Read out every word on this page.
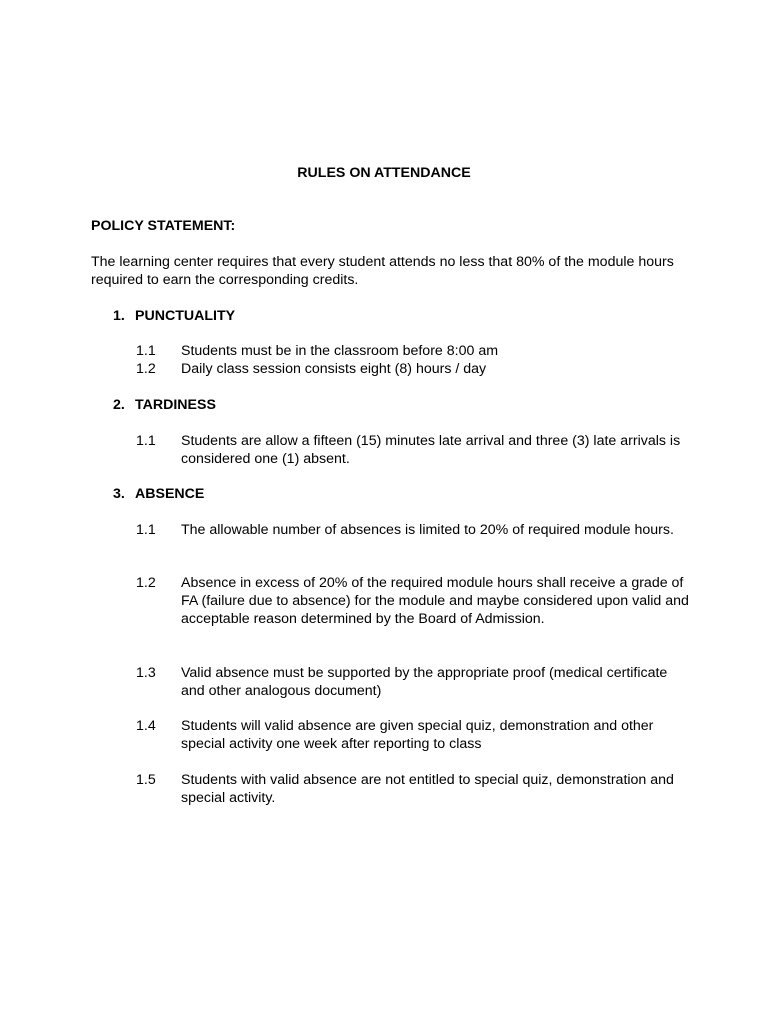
RULES ON ATTENDANCE
POLICY STATEMENT:
The learning center requires that every student attends no less that 80% of the module hours required to earn the corresponding credits.
1. PUNCTUALITY
1.1 Students must be in the classroom before 8:00 am
1.2 Daily class session consists eight (8) hours / day
2. TARDINESS
1.1 Students are allow a fifteen (15) minutes late arrival and three (3) late arrivals is considered one (1) absent.
3. ABSENCE
1.1 The allowable number of absences is limited to 20% of required module hours.
1.2 Absence in excess of 20% of the required module hours shall receive a grade of FA (failure due to absence) for the module and maybe considered upon valid and acceptable reason determined by the Board of Admission.
1.3 Valid absence must be supported by the appropriate proof (medical certificate and other analogous document)
1.4 Students will valid absence are given special quiz, demonstration and other special activity one week after reporting to class
1.5 Students with valid absence are not entitled to special quiz, demonstration and special activity.
